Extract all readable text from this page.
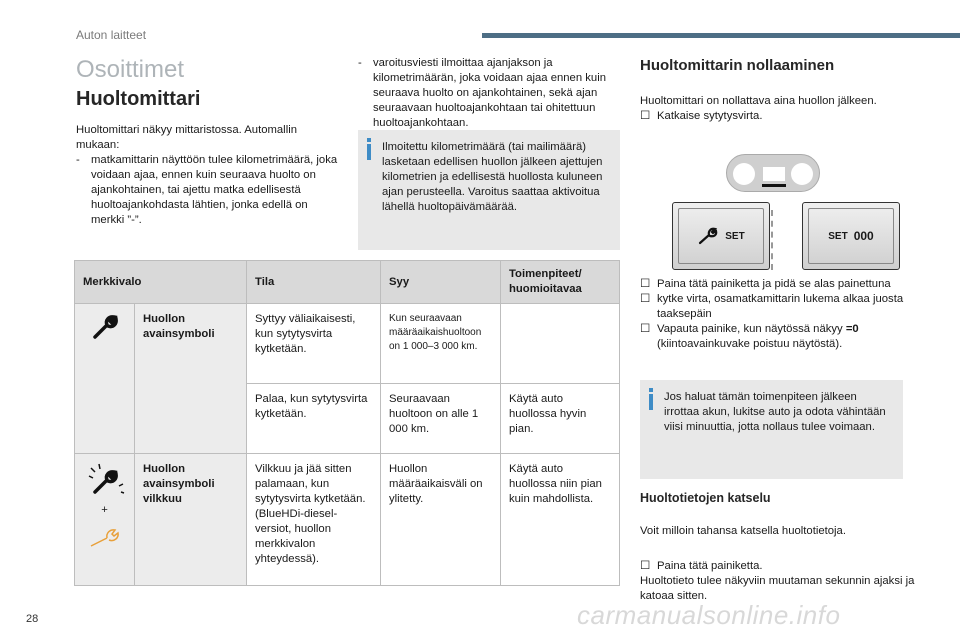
Auton laitteet
Osoittimet
Huoltomittari
Huoltomittari näkyy mittaristossa. Automallin mukaan:
- matkamittarin näyttöön tulee kilometrimäärä, joka voidaan ajaa, ennen kuin seuraava huolto on ajankohtainen, tai ajettu matka edellisestä huoltoajankohdasta lähtien, jonka edellä on merkki ”-”.
- varoitusviesti ilmoittaa ajanjakson ja kilometrimäärän, joka voidaan ajaa ennen kuin seuraava huolto on ajankohtainen, sekä ajan seuraavaan huoltoajankohtaan tai ohitettuun huoltoajankohtaan.
Ilmoitettu kilometrimäärä (tai mailimäärä) lasketaan edellisen huollon jälkeen ajettujen kilometrien ja edellisestä huollosta kuluneen ajan perusteella. Varoitus saattaa aktivoitua lähellä huoltopäivämäärää.
Merkkivalo		Tila	Syy	Toimenpiteet/ huomioitavaa
	Huollon avainsymboli	Syttyy väliaikaisesti, kun sytytysvirta kytketään.	Kun seuraavaan määräaikaishuoltoon on 1 000–3 000 km.	
		Palaa, kun sytytysvirta kytketään.	Seuraavaan huoltoon on alle 1 000 km.	Käytä auto huollossa hyvin pian.

+	Huollon avainsymboli vilkkuu	Vilkkuu ja jää sitten palamaan, kun sytytysvirta kytketään. (BlueHDi-diesel-versiot, huollon merkkivalon yhteydessä).	Huollon määräaikaisväli on ylitetty.	Käytä auto huollossa niin pian kuin mahdollista.
Huoltomittarin nollaaminen
Huoltomittari on nollattava aina huollon jälkeen.
☐ Katkaise sytytysvirta.
SET	SET 000
☐ Paina tätä painiketta ja pidä se alas painettuna
☐ kytke virta, osamatkamittarin lukema alkaa juosta taaksepäin
☐ Vapauta painike, kun näytössä näkyy =0 (kiintoavainkuvake poistuu näytöstä).
Jos haluat tämän toimenpiteen jälkeen irrottaa akun, lukitse auto ja odota vähintään viisi minuuttia, jotta nollaus tulee voimaan.
Huoltotietojen katselu
Voit milloin tahansa katsella huoltotietoja.
☐ Paina tätä painiketta.
Huoltotieto tulee näkyviin muutaman sekunnin ajaksi ja katoaa sitten.
28	carmanualsonline.info
